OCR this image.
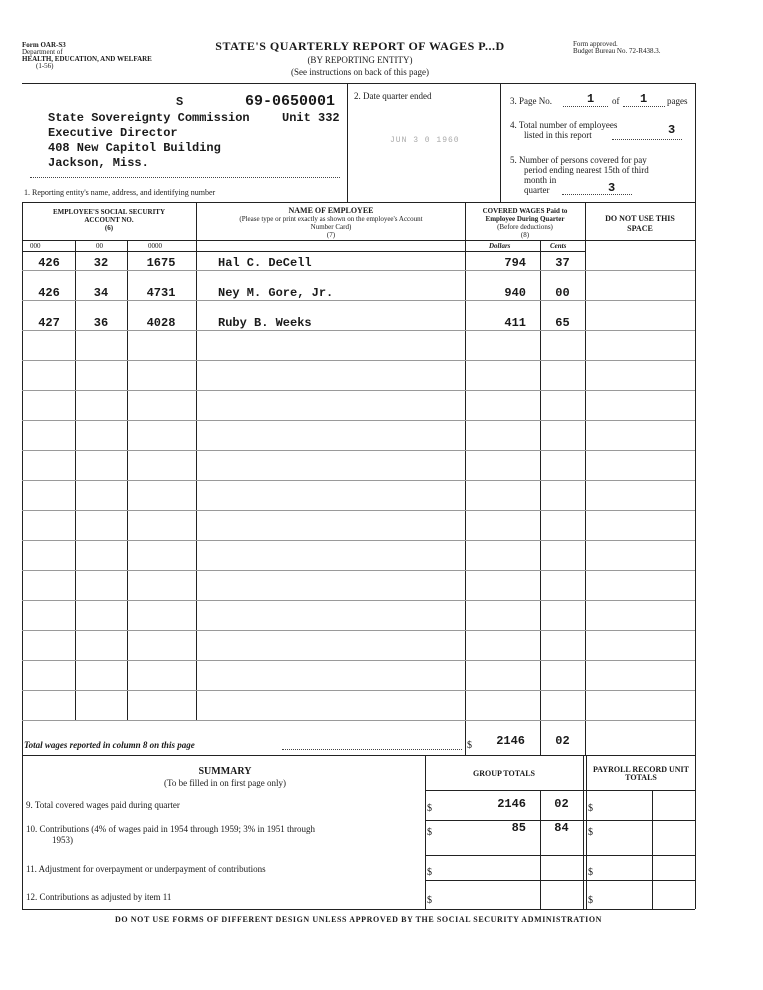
Form OAR-S3
Department of
HEALTH, EDUCATION, AND WELFARE
(1-56)
STATE'S QUARTERLY REPORT OF WAGES P...D
(BY REPORTING ENTITY)
(See instructions on back of this page)
Form approved.
Budget Bureau No. 72-R438.3.
S	69-0650001
State Sovereignty Commission	Unit 332
Executive Director
408 New Capitol Building
Jackson, Miss.
1. Reporting entity's name, address, and identifying number
2. Date quarter ended
JUN 3 0 1960
3. Page No.	1 of 1 pages
4. Total number of employees
listed in this report	3
5. Number of persons covered for pay
period ending nearest 15th of third
month in
quarter	3
EMPLOYEE'S SOCIAL SECURITY ACCOUNT NO.
(6)
NAME OF EMPLOYEE
(Please type or print exactly as shown on the employee's Account Number Card)
(7)
COVERED WAGES Paid to Employee During Quarter
(Before deductions)
(8)
DO NOT USE THIS SPACE
000	00	0000	Dollars	Cents
426	32	1675	Hal C. DeCell	794	37
426	34	4731	Ney M. Gore, Jr.	940	00
427	36	4028	Ruby B. Weeks	411	65
Total wages reported in column 8 on this page	$	2146	02
SUMMARY
(To be filled in on first page only)
GROUP TOTALS	PAYROLL RECORD UNIT TOTALS
9. Total covered wages paid during quarter	$	2146	02	$
10. Contributions (4% of wages paid in 1954 through 1959; 3% in 1951 through
1953)
$	85	84	$
11. Adjustment for overpayment or underpayment of contributions	$	$
12. Contributions as adjusted by item 11	$	$
DO NOT USE FORMS OF DIFFERENT DESIGN UNLESS APPROVED BY THE SOCIAL SECURITY ADMINISTRATION
